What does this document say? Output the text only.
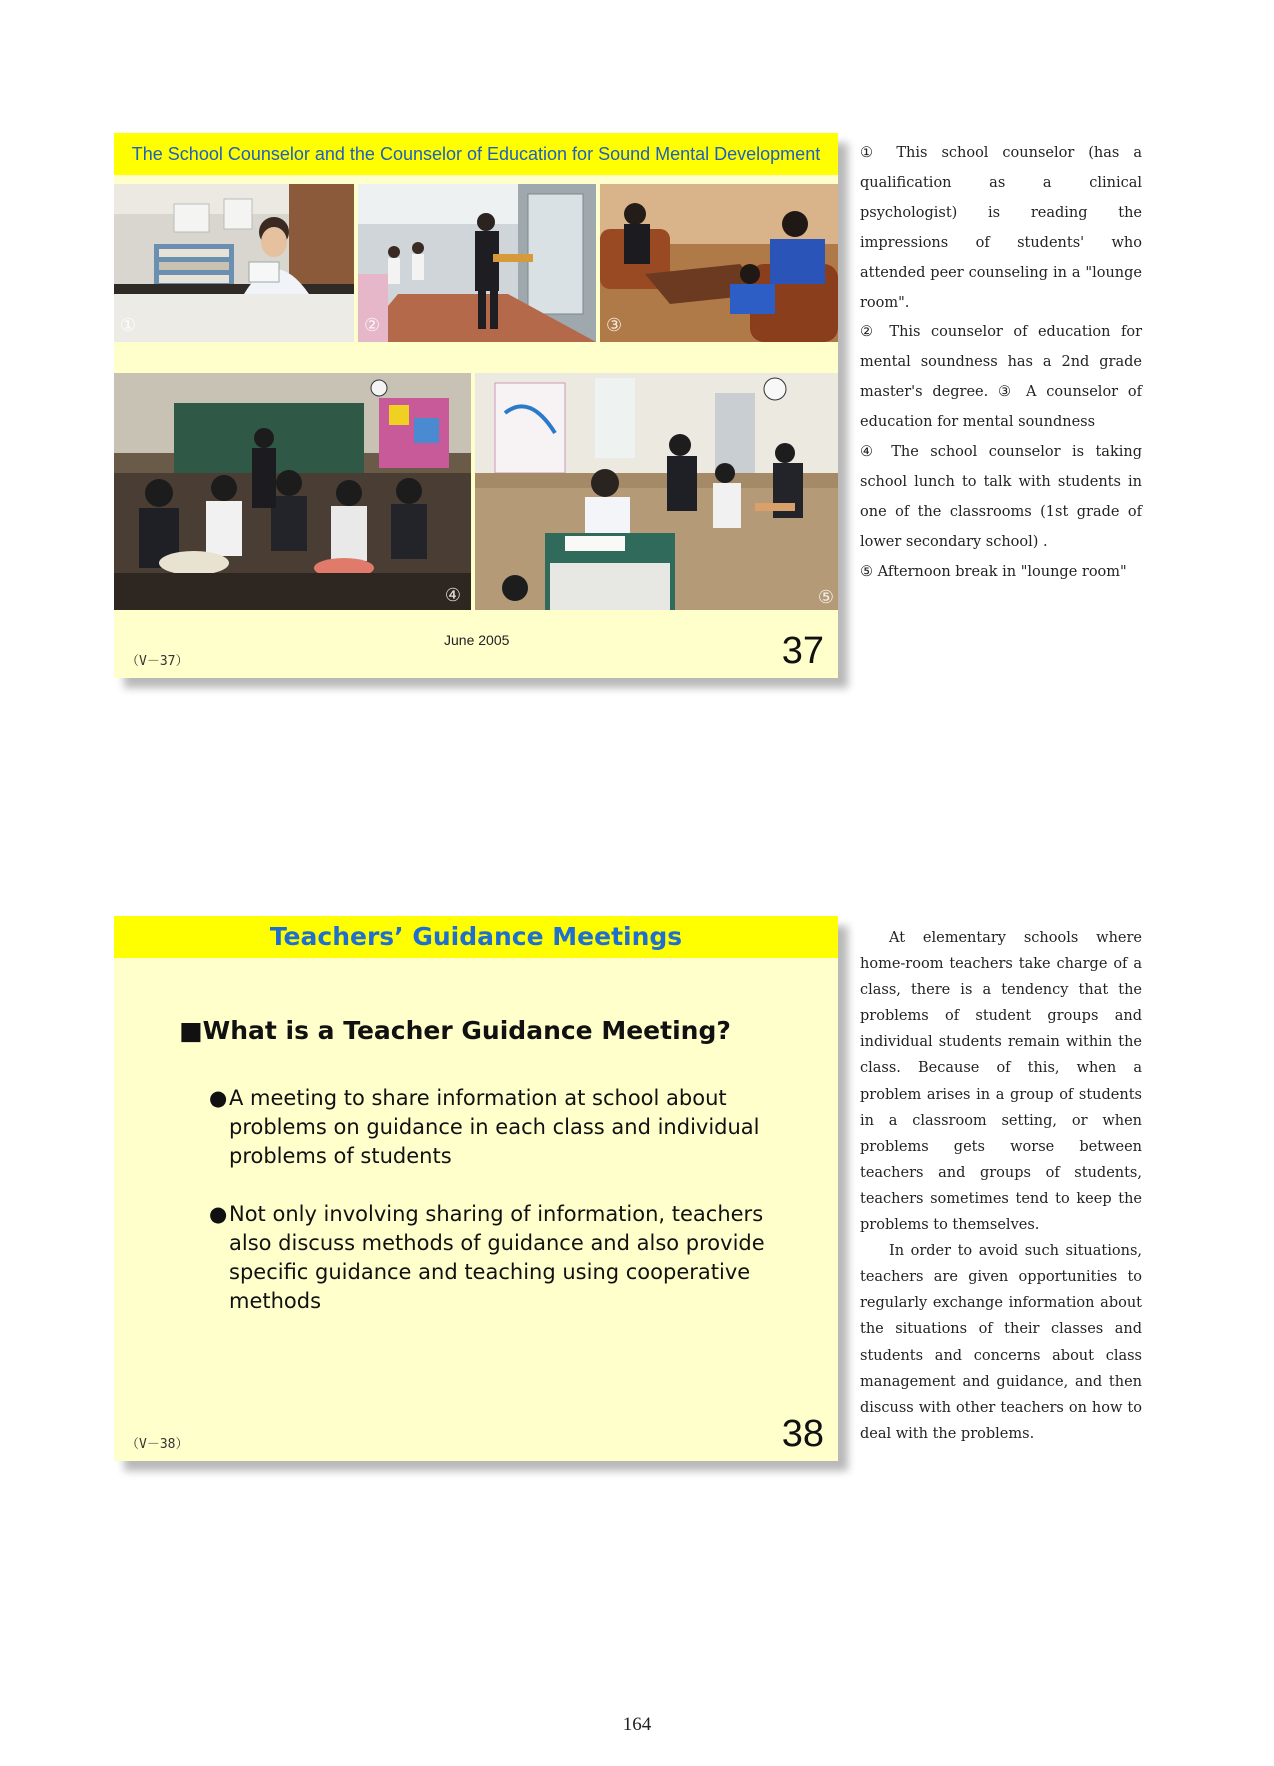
The School Counselor and the Counselor of Education for Sound Mental Development
①	②	③
④	⑤
June 2005
（V－37）	37

① This school counselor (has a qualification as a clinical psychologist) is reading the impressions of students' who attended peer counseling in a "lounge room".

② This counselor of education for mental soundness has a 2nd grade master's degree. ③ A counselor of education for mental soundness

④ The school counselor is taking school lunch to talk with students in one of the classrooms (1st grade of lower secondary school) .

⑤ Afternoon break in "lounge room"

Teachers’ Guidance Meetings
■What is a Teacher Guidance Meeting?
● A meeting to share information at school about problems on guidance in each class and individual problems of students
● Not only involving sharing of information, teachers also discuss methods of guidance and also provide specific guidance and teaching using cooperative methods
（V－38）	38

At elementary schools where home-room teachers take charge of a class, there is a tendency that the problems of student groups and individual students remain within the class. Because of this, when a problem arises in a group of students in a classroom setting, or when problems gets worse between teachers and groups of students, teachers sometimes tend to keep the problems to themselves.

In order to avoid such situations, teachers are given opportunities to regularly exchange information about the situations of their classes and students and concerns about class management and guidance, and then discuss with other teachers on how to deal with the problems.

164
